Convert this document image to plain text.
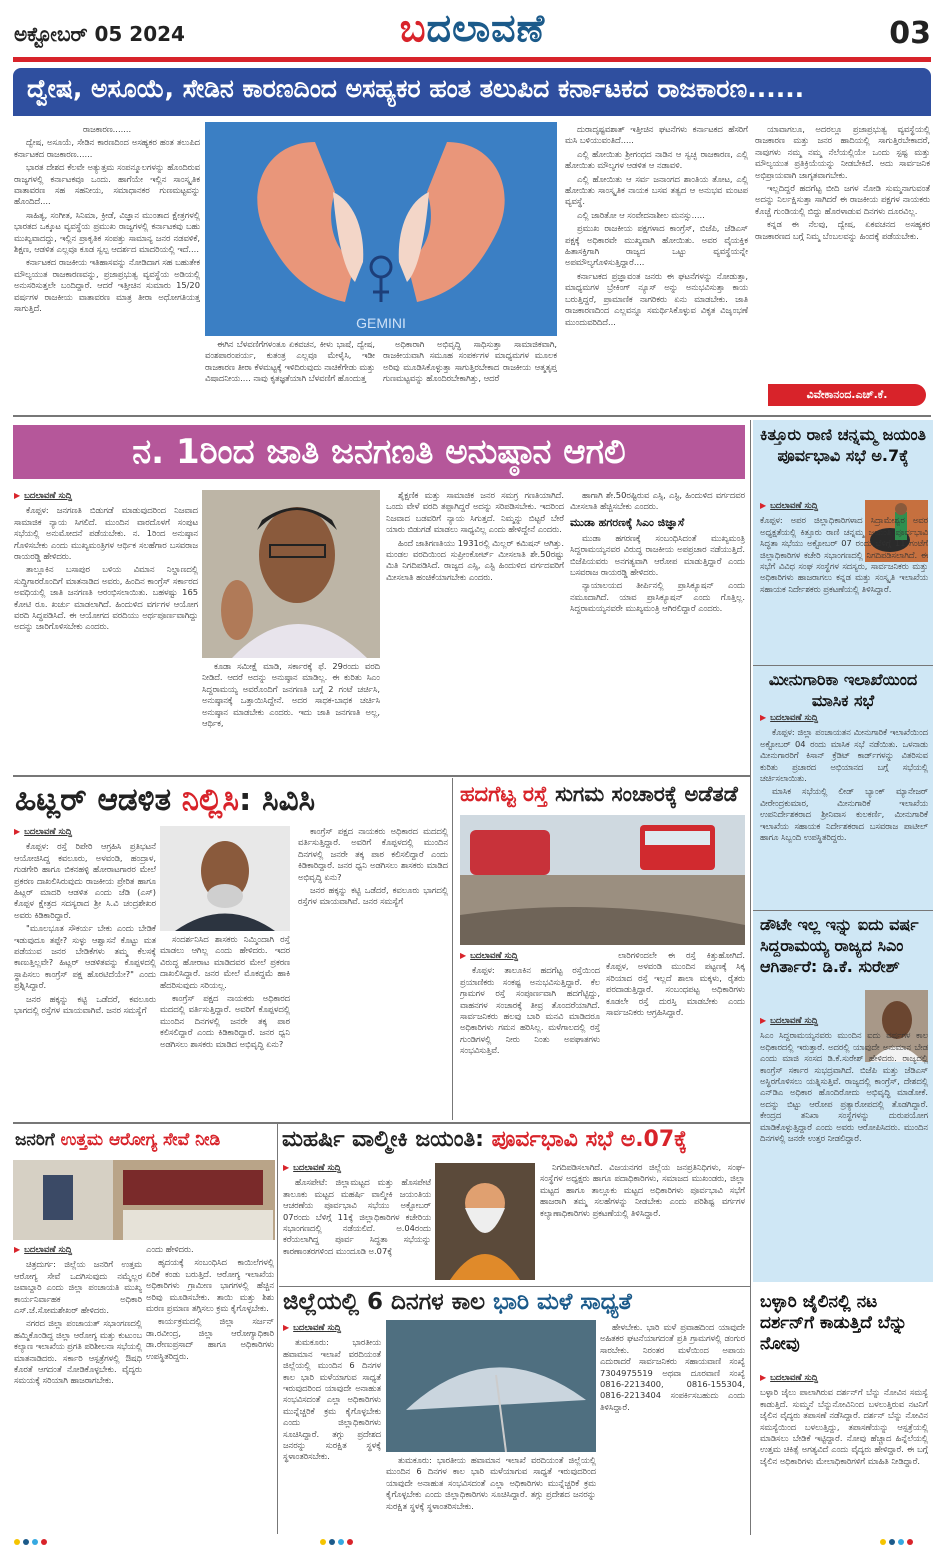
ಅಕ್ಟೋಬರ್ 05 2024	ಬದಲಾವಣೆ	03
ದ್ವೇಷ, ಅಸೂಯೆ, ಸೇಡಿನ ಕಾರಣದಿಂದ ಅಸಹ್ಯಕರ ಹಂತ ತಲುಪಿದ ಕರ್ನಾಟಕದ ರಾಜಕಾರಣ......

ರಾಜಕಾರಣ.......

ದ್ವೇಷ, ಅಸೂಯೆ, ಸೇಡಿನ ಕಾರಣದಿಂದ ಅಸಹ್ಯಕರ ಹಂತ ತಲುಪಿದ ಕರ್ನಾಟಕದ ರಾಜಕಾರಣ......

ಭಾರತ ದೇಶದ ಕೆಲವೇ ಅತ್ಯುತ್ತಮ ಸಂಪನ್ಮೂಲಗಳನ್ನು ಹೊಂದಿರುವ ರಾಜ್ಯಗಳಲ್ಲಿ ಕರ್ನಾಟಕವೂ ಒಂದು. ಹಾಗೆಯೇ ಇಲ್ಲಿನ ಸಾಂಸ್ಕೃತಿಕ ವಾತಾವರಣ ಸಹ ಸಹನೀಯ, ಸಮಾಧಾನಕರ ಗುಣಮಟ್ಟವನ್ನು ಹೊಂದಿದೆ....

ಸಾಹಿತ್ಯ, ಸಂಗೀತ, ಸಿನಿಮಾ, ಕ್ರೀಡೆ, ವಿಜ್ಞಾನ ಮುಂತಾದ ಕ್ಷೇತ್ರಗಳಲ್ಲಿ ಭಾರತದ ಒಕ್ಕೂಟ ವ್ಯವಸ್ಥೆಯ ಪ್ರಮುಖ ರಾಜ್ಯಗಳಲ್ಲಿ ಕರ್ನಾಟಕವು ಬಹು ಮುಖ್ಯವಾದದ್ದು, ಇಲ್ಲಿನ ಪ್ರಾಕೃತಿಕ ಸಂಪತ್ತು ಸಾಮಾನ್ಯ ಜನರ ನಡವಳಿಕೆ, ಶಿಕ್ಷಣ, ಆಡಳಿತ ಎಲ್ಲವೂ ಕೂಡ ಸ್ವಲ್ಪ ಆದರ್ಶದ ಮಾದರಿಯಲ್ಲಿ ಇದೆ....

ಕರ್ನಾಟಕದ ರಾಜಕೀಯ ಇತಿಹಾಸವನ್ನು ನೋಡಿದಾಗ ಸಹ ಬಹುತೇಕ ಮೌಲ್ಯಯುತ ರಾಜಕಾರಣವನ್ನು, ಪ್ರಜಾಪ್ರಭುತ್ವ ವ್ಯವಸ್ಥೆಯ ಅಡಿಯಲ್ಲಿ ಅನುಸರಿಸುತ್ತಲೇ ಬಂದಿದ್ದಾರೆ. ಆದರೆ ಇತ್ತೀಚಿನ ಸುಮಾರು 15/20 ವರ್ಷಗಳ ರಾಜಕೀಯ ವಾತಾವರಣ ಮಾತ್ರ ತೀರಾ ಅಧೋಗತಿಯತ್ತ ಸಾಗುತ್ತಿದೆ.

GEMINI

ಈಗಿನ ಬೆಳವಣಿಗೆಗಳಂತೂ ಏಕವಚನ, ಕೀಳು ಭಾಷೆ, ದ್ವೇಷ, ವಂಶಪಾರಂಪರ್ಯ, ಕುತಂತ್ರ ಎಲ್ಲವೂ ಮೇಳೈಸಿ, ಇಡೀ ರಾಜಕಾರಣ ತೀರಾ ಕೆಳಮಟ್ಟಕ್ಕೆ ಇಳಿದಿರುವುದು ನಾಚಿಕೆಗೇಡು ಮತ್ತು ವಿಷಾದನೀಯ.... ನಾವು ಕೃತಜ್ಞತೆಯಾಗಿ ಬೆಳವಣಿಗೆ ಹೊಂದುತ್ತ

ಅಧಿಕಾರಾಗಿ ಅಭಿವೃದ್ಧಿ ಸಾಧಿಸುತ್ತಾ ಸಾಮಾಜಿಕವಾಗಿ, ರಾಜಕೀಯವಾಗಿ ಸಮೂಹ ಸಂಪರ್ಕಗಳ ಮಾಧ್ಯಮಗಳ ಮೂಲಕ ಅರಿವು ಮೂಡಿಸಿಕೊಳ್ಳುತ್ತಾ ಸಾಗುತ್ತಿರಬೇಕಾದ ರಾಜಕೀಯ ಆತ್ಮತೃಪ್ತ ಗುಣಮಟ್ಟವನ್ನು ಹೊಂದಿರಬೇಕಾಗಿತ್ತು, ಆದರೆ

ದುರಾದೃಷ್ಟವಶಾತ್ ಇತ್ತೀಚಿನ ಘಟನೆಗಳು ಕರ್ನಾಟಕದ ಹೆಸರಿಗೆ ಮಸಿ ಬಳಿಯುವಂತಿದೆ.....

ಎಲ್ಲಿ ಹೋಯಿತು ಶ್ರೀಗಂಧದ ನಾಡಿನ ಆ ಸ್ವಚ್ಛ ರಾಜಕಾರಣ, ಎಲ್ಲಿ ಹೋಯಿತು ಮೌಲ್ಯಗಳ ಆಡಳಿತ ಆ ನಡಾವಳಿ.

ಎಲ್ಲಿ ಹೋಯಿತು ಆ ಸರ್ವ ಜನಾಂಗದ ಶಾಂತಿಯ ತೋಟ, ಎಲ್ಲಿ ಹೋಯಿತು ಸಾಂಸ್ಕೃತಿಕ ನಾಯಕ ಬಸವ ತತ್ವದ ಆ ಅನುಭವ ಮಂಟಪ ವ್ಯವಸ್ಥೆ.

ಎಲ್ಲಿ ಜಾರಿತೋ ಆ ಸಂವೇದನಾಶೀಲ ಮನಸ್ಸು.....

ಪ್ರಮುಖ ರಾಜಕೀಯ ಪಕ್ಷಗಳಾದ ಕಾಂಗ್ರೆಸ್, ಬಿಜೆಪಿ, ಜೆಡಿಎಸ್ ಪಕ್ಷಕ್ಕೆ ಅಧಿಕಾರವೇ ಮುಖ್ಯವಾಗಿ ಹೋಯಿತು. ಅವರ ವೈಯಕ್ತಿಕ ಹಿತಾಸಕ್ತಿಗಾಗಿ ರಾಜ್ಯದ ಒಟ್ಟು ವ್ಯವಸ್ಥೆಯನ್ನೇ ಅಪಮೌಲ್ಯಗೊಳಿಸುತ್ತಿದ್ದಾರೆ....

ಕರ್ನಾಟಕದ ಪ್ರಜ್ಞಾವಂತ ಜನರು ಈ ಘಟನೆಗಳನ್ನು ನೋಡುತ್ತಾ, ಮಾಧ್ಯಮಗಳ ಬ್ರೇಕಿಂಗ್ ನ್ಯೂಸ್ ಅನ್ನು ಅನುಭವಿಸುತ್ತಾ ಕಾಯ ಬರುತ್ತಿದ್ದರೆ, ಪ್ರಾಮಾಣಿಕ ನಾಗರಿಕರು ಏನು ಮಾಡಬೇಕು. ಜಾತಿ ರಾಜಕಾರಣದಿಂದ ಎಲ್ಲವನ್ನೂ ಸಮರ್ಥಿಸಿಕೊಳ್ಳುವ ವಿಕೃತ ವಿಜೃಂಭಣೆ ಮುಂದುವರಿದಿದೆ...

ಯಾವಾಗಲೂ, ಅದರಲ್ಲೂ ಪ್ರಜಾಪ್ರಭುತ್ವ ವ್ಯವಸ್ಥೆಯಲ್ಲಿ ರಾಜಕಾರಣ ಮತ್ತು ಜನರ ಹಾದಿಯಲ್ಲಿ ಸಾಗುತ್ತಿರಬೇಕಾದರೆ, ನಾವುಗಳು ನಮ್ಮ ನಮ್ಮ ನೆಲೆಯಲ್ಲಿಯೇ ಒಂದು ಸ್ಪಷ್ಟ ಮತ್ತು ಮೌಲ್ಯಯುತ ಪ್ರತಿಕ್ರಿಯೆಯನ್ನು ನೀಡಬೇಕಿದೆ. ಅದು ಸಾರ್ವಜನಿಕ ಅಭಿಪ್ರಾಯವಾಗಿ ಜಾಗೃತವಾಗಬೇಕು.

ಇಲ್ಲದಿದ್ದರೆ ಹದಗೆಟ್ಟ ಬೀದಿ ಜಗಳ ನೋಡಿ ಸುಮ್ಮನಾಗುವಂತೆ ಅದನ್ನು ನಿರ್ಲಕ್ಷಿಸುತ್ತಾ ಸಾಗಿದರೆ ಈ ರಾಜಕೀಯ ಪಕ್ಷಗಳ ನಾಯಕರು ಕೊಚ್ಚೆ ಗುಂಡಿಯಲ್ಲಿ ಬಿದ್ದು ಹೊರಳಾಡುವ ದಿನಗಳು ದೂರವಿಲ್ಲ.

ಕನ್ನಡ ಈ ನೆಲವು, ದ್ವೇಷ, ಏಕವಚನದ ಅಸಹ್ಯಕರ ರಾಜಕಾರಣದ ಬಗ್ಗೆ ನಿಮ್ಮ ಬೆಂಬಲವನ್ನು ಹಿಂದಕ್ಕೆ ಪಡೆಯಬೇಕು.

ವಿವೇಕಾನಂದ.ಎಚ್.ಕೆ.
ನ. 1ರಿಂದ ಜಾತಿ ಜನಗಣತಿ ಅನುಷ್ಠಾನ ಆಗಲಿ
▶ ಬದಲಾವಣೆ ಸುದ್ದಿ

ಕೊಪ್ಪಳ: ಜನಗಣತಿ ಬಿಡುಗಡೆ ಮಾಡುವುದರಿಂದ ನಿಜವಾದ ಸಾಮಾಜಿಕ ನ್ಯಾಯ ಸಿಗಲಿದೆ. ಮುಂದಿನ ವಾರದೊಳಗೆ ಸಂಪುಟ ಸಭೆಯಲ್ಲಿ ಅನುಮೋದನೆ ಪಡೆಯಬೇಕು. ನ. 1ರಿಂದ ಅನುಷ್ಠಾನ ಗೊಳಿಸಬೇಕು ಎಂದು ಮುಖ್ಯಮಂತ್ರಿಗಳ ಆರ್ಥಿಕ ಸಲಹೆಗಾರ ಬಸವರಾಜ ರಾಯರಡ್ಡಿ ಹೇಳಿದರು.

ತಾಲ್ಲೂಕಿನ ಬಸಾಪುರ ಬಳಿಯ ವಿಮಾನ ನಿಲ್ದಾಣದಲ್ಲಿ ಸುದ್ದಿಗಾರರೊಂದಿಗೆ ಮಾತನಾಡಿದ ಅವರು, ಹಿಂದಿನ ಕಾಂಗ್ರೆಸ್ ಸರ್ಕಾರದ ಅವಧಿಯಲ್ಲಿ ಜಾತಿ ಜನಗಣತಿ ಆರಂಭಿಸಲಾಯಿತು. ಬಹಳಷ್ಟು 165 ಕೋಟಿ ರೂ. ಖರ್ಚು ಮಾಡಲಾಗಿದೆ. ಹಿಂದುಳಿದ ವರ್ಗಗಳ ಆಯೋಗ ವರದಿ ಸಿದ್ಧಪಡಿಸಿದೆ. ಈ ಆಯೋಗದ ವರದಿಯು ಅರ್ಥಪೂರ್ಣವಾಗಿದ್ದು ಅದನ್ನು ಜಾರಿಗೊಳಿಸಬೇಕು ಎಂದರು.

ಕೂಡಾ ಸಮೀಕ್ಷೆ ಮಾಡಿ, ಸರ್ಕಾರಕ್ಕೆ ಫೆ. 29ರಂದು ವರದಿ ನೀಡಿದೆ. ಆದರೆ ಅದನ್ನು ಅನುಷ್ಠಾನ ಮಾಡಿಲ್ಲ. ಈ ಕುರಿತು ಸಿಎಂ ಸಿದ್ದರಾಮಯ್ಯ ಅವರೊಂದಿಗೆ ಜನಗಣತಿ ಬಗ್ಗೆ 2 ಗಂಟೆ ಚರ್ಚಿಸಿ, ಅನುಷ್ಠಾನಕ್ಕೆ ಒತ್ತಾಯಿಸಿದ್ದೇನೆ. ಅದರ ಸಾಧಕ-ಬಾಧಕ ಚರ್ಚಿಸಿ ಅನುಷ್ಠಾನ ಮಾಡಬೇಕು ಎಂದರು. ಇದು ಜಾತಿ ಜನಗಣತಿ ಅಲ್ಲ, ಆರ್ಥಿಕ,

ಶೈಕ್ಷಣಿಕ ಮತ್ತು ಸಾಮಾಜಿಕ ಜನರ ಸಮಗ್ರ ಗಣತಿಯಾಗಿದೆ. ಒಂದು ವೇಳೆ ವರದಿ ತಪ್ಪಾಗಿದ್ದರೆ ಅದನ್ನು ಸರಿಪಡಿಸಬೇಕು. ಇದರಿಂದ ನಿಜವಾದ ಬಡವರಿಗೆ ನ್ಯಾಯ ಸಿಗುತ್ತದೆ. ನಿಮ್ಮನ್ನು ಬಿಟ್ಟರೆ ಬೇರೆ ಯಾರು ಬಿಡುಗಡೆ ಮಾಡಲು ಸಾಧ್ಯವಿಲ್ಲ ಎಂದು ಹೇಳಿದ್ದೇನೆ ಎಂದರು.

ಹಿಂದೆ ಜಾತಿಗಣತಿಯು 1931ರಲ್ಲಿ ಮಿಲ್ಲರ್ ಕಮಿಷನ್ ಆಗಿತ್ತು. ಮಂಡಲ ವರದಿಯಿಂದ ಸುಪ್ರೀಂಕೋರ್ಟ್ ಮೀಸಲಾತಿ ಶೇ.50ರಷ್ಟು ಮಿತಿ ನಿಗದಿಪಡಿಸಿದೆ. ರಾಜ್ಯದ ಎಸ್ಸಿ, ಎಸ್ಟಿ ಹಿಂದುಳಿದ ವರ್ಗದವರಿಗೆ ಮೀಸಲಾತಿ ಹಂಚಿಕೆಯಾಗಬೇಕು ಎಂದರು.

ಹಾಗಾಗಿ ಶೇ.50ರಷ್ಟಿರುವ ಎಸ್ಸಿ, ಎಸ್ಟಿ, ಹಿಂದುಳಿದ ವರ್ಗದವರ ಮೀಸಲಾತಿ ಹೆಚ್ಚಿಸಬೇಕು ಎಂದರು.

ಮುಡಾ ಹಗರಣಕ್ಕೆ ಸಿಎಂ ಜಿಜ್ಞಾಸೆ

ಮುಡಾ ಹಗರಣಕ್ಕೆ ಸಂಬಂಧಿಸಿದಂತೆ ಮುಖ್ಯಮಂತ್ರಿ ಸಿದ್ದರಾಮಯ್ಯನವರ ವಿರುದ್ಧ ರಾಜಕೀಯ ಅಪಪ್ರಚಾರ ನಡೆಯುತ್ತಿದೆ. ಬಿಜೆಪಿಯವರು ಅನಗತ್ಯವಾಗಿ ಆರೋಪ ಮಾಡುತ್ತಿದ್ದಾರೆ ಎಂದು ಬಸವರಾಜ ರಾಯರಡ್ಡಿ ಹೇಳಿದರು.

ನ್ಯಾಯಾಲಯದ ತೀರ್ಪಿನಲ್ಲಿ ಪ್ರಾಸಿಕ್ಯೂಷನ್ ಎಂದು ನಮೂದಾಗಿದೆ. ಯಾವ ಪ್ರಾಸಿಕ್ಯೂಷನ್ ಎಂದು ಗೊತ್ತಿಲ್ಲ. ಸಿದ್ದರಾಮಯ್ಯನವರೇ ಮುಖ್ಯಮಂತ್ರಿ ಆಗಿರಲಿದ್ದಾರೆ ಎಂದರು.

ಕಿತ್ತೂರು ರಾಣಿ ಚನ್ನಮ್ಮ ಜಯಂತಿ ಪೂರ್ವಭಾವಿ ಸಭೆ ಅ.7ಕ್ಕೆ
▶ ಬದಲಾವಣೆ ಸುದ್ದಿ

ಕೊಪ್ಪಳ: ಅಪರ ಜಿಲ್ಲಾಧಿಕಾರಿಗಳಾದ ಸಿದ್ರಾಮೇಶ್ವರ ಅವರ ಅಧ್ಯಕ್ಷತೆಯಲ್ಲಿ ಕಿತ್ತೂರು ರಾಣಿ ಚನ್ನಮ್ಮ ಜಯಂತಿ ಪೂರ್ವಭಾವಿ ಸಿದ್ಧತಾ ಸಭೆಯು ಅಕ್ಟೋಬರ್ 07 ರಂದು ಬೆಳಿಗ್ಗೆ 11 ಗಂಟೆಗೆ ಜಿಲ್ಲಾಧಿಕಾರಿಗಳ ಕಚೇರಿ ಸಭಾಂಗಣದಲ್ಲಿ ನಿಗದಿಪಡಿಸಲಾಗಿದೆ. ಈ ಸಭೆಗೆ ವಿವಿಧ ಸಂಘ ಸಂಸ್ಥೆಗಳ ಸದಸ್ಯರು, ಸಾರ್ವಜನಿಕರು ಮತ್ತು ಅಧಿಕಾರಿಗಳು ಹಾಜರಾಗಲು ಕನ್ನಡ ಮತ್ತು ಸಂಸ್ಕೃತಿ ಇಲಾಖೆಯ ಸಹಾಯಕ ನಿರ್ದೇಶಕರು ಪ್ರಕಟಣೆಯಲ್ಲಿ ತಿಳಿಸಿದ್ದಾರೆ.

ಮೀನುಗಾರಿಕಾ ಇಲಾಖೆಯಿಂದ ಮಾಸಿಕ ಸಭೆ
▶ ಬದಲಾವಣೆ ಸುದ್ದಿ

ಕೊಪ್ಪಳ: ಜಿಲ್ಲಾ ಪಂಚಾಯತನ ಮೀನುಗಾರಿಕೆ ಇಲಾಖೆಯಿಂದ ಅಕ್ಟೋಬರ್ 04 ರಂದು ಮಾಸಿಕ ಸಭೆ ನಡೆಯಿತು. ಒಳನಾಡು ಮೀನುಗಾರರಿಗೆ ಕಿಸಾನ್ ಕ್ರೆಡಿಟ್ ಕಾರ್ಡ್‌ಗಳನ್ನು ವಿತರಿಸುವ ಕುರಿತು ಪ್ರಚಾರದ ಅಭಿಯಾನದ ಬಗ್ಗೆ ಸಭೆಯಲ್ಲಿ ಚರ್ಚಿಸಲಾಯಿತು.

ಮಾಸಿಕ ಸಭೆಯಲ್ಲಿ ಲೀಡ್ ಬ್ಯಾಂಕ್ ಮ್ಯಾನೇಜರ್ ವೀರೇಂದ್ರಕುಮಾರ, ಮೀನುಗಾರಿಕೆ ಇಲಾಖೆಯ ಉಪನಿರ್ದೇಶಕರಾದ ಶ್ರೀನಿವಾಸ ಕುಲಕರ್ಣಿ, ಮೀನುಗಾರಿಕೆ ಇಲಾಖೆಯ ಸಹಾಯಕ ನಿರ್ದೇಶಕರಾದ ಬಸವರಾಜ ಪಾಟೀಲ್ ಹಾಗೂ ಸಿಬ್ಬಂದಿ ಉಪಸ್ಥಿತರಿದ್ದರು.

ಡೌಟೇ ಇಲ್ಲ ಇನ್ನು ಐದು ವರ್ಷ ಸಿದ್ದರಾಮಯ್ಯ ರಾಜ್ಯದ ಸಿಎಂ ಆಗಿರ್ತಾರೆ: ಡಿ.ಕೆ. ಸುರೇಶ್
▶ ಬದಲಾವಣೆ ಸುದ್ದಿ

ಸಿಎಂ ಸಿದ್ದರಾಮಯ್ಯನವರು ಮುಂದಿನ ಐದು ವರ್ಷಗಳ ಕಾಲ ಅಧಿಕಾರದಲ್ಲಿ ಇರುತ್ತಾರೆ. ಅದರಲ್ಲಿ ಯಾವುದೇ ಅನುಮಾನ ಬೇಡ ಎಂದು ಮಾಜಿ ಸಂಸದ ಡಿ.ಕೆ.ಸುರೇಶ್ ಹೇಳಿದರು. ರಾಜ್ಯದಲ್ಲಿ ಕಾಂಗ್ರೆಸ್ ಸರ್ಕಾರ ಸುಭದ್ರವಾಗಿದೆ. ಬಿಜೆಪಿ ಮತ್ತು ಜೆಡಿಎಸ್ ಅಸ್ಥಿರಗೊಳಿಸಲು ಯತ್ನಿಸುತ್ತಿವೆ. ರಾಜ್ಯದಲ್ಲಿ ಕಾಂಗ್ರೆಸ್, ದೇಶದಲ್ಲಿ ಎನ್‌ಡಿಎ ಅಧಿಕಾರ ಹೊಂದಿರೋದು ಅಭಿವೃದ್ಧಿ ಮಾಡೋಕೆ. ಅದನ್ನು ಬಿಟ್ಟು ಆರೋಪ ಪ್ರತ್ಯಾರೋಪದಲ್ಲಿ ತೊಡಗಿದ್ದಾರೆ. ಕೇಂದ್ರದ ತನಿಖಾ ಸಂಸ್ಥೆಗಳನ್ನು ದುರುಪಯೋಗ ಮಾಡಿಕೊಳ್ಳುತ್ತಿದ್ದಾರೆ ಎಂದು ಅವರು ಆರೋಪಿಸಿದರು. ಮುಂದಿನ ದಿನಗಳಲ್ಲಿ ಜನರೇ ಉತ್ತರ ನೀಡಲಿದ್ದಾರೆ.

ಹಿಟ್ಲರ್ ಆಡಳಿತ ನಿಲ್ಲಿಸಿ: ಸಿವಿಸಿ
▶ ಬದಲಾವಣೆ ಸುದ್ದಿ

ಕೊಪ್ಪಳ: ರಸ್ತೆ ರಿಪೇರಿ ಆಗ್ರಹಿಸಿ ಪ್ರತಿಭಟನೆ ಆಯೋಜಿಸಿದ್ದ ಕವಲೂರು, ಅಳವಂಡಿ, ಹಂದ್ರಾಳ, ಗುಡಗೇರಿ ಹಾಗೂ ಬಿಕನಹಳ್ಳಿ ಹೋರಾಟಗಾರರ ಮೇಲೆ ಪ್ರಕರಣ ದಾಖಲಿಸಿರುವುದು ರಾಜಕೀಯ ಪ್ರೇರಿತ ಹಾಗೂ ಹಿಟ್ಲರ್ ಮಾದರಿ ಆಡಳಿತ ಎಂದು ಜೆಡಿ (ಎಸ್) ಕೊಪ್ಪಳ ಕ್ಷೇತ್ರದ ಸದಸ್ಯರಾದ ಶ್ರೀ ಸಿ.ವಿ ಚಂದ್ರಶೇಖರ ಅವರು ಕಿಡಿಕಾರಿದ್ದಾರೆ.

"ಮೂಲಭೂತ ಸೌಕರ್ಯ ಬೇಕು ಎಂದು ಬೇಡಿಕೆ ಇಡುವುದೂ ತಪ್ಪೇ? ಸುಳ್ಳು ಆಶ್ವಾಸನೆ ಕೊಟ್ಟು ಮತ ಪಡೆಯುವ ಜನರ ಬೇಡಿಕೆಗಳು ತಮ್ಮ ಕೆಲಸಕ್ಕೆ ಕಾಣುತ್ತಿಲ್ಲವೇ? ಹಿಟ್ಲರ್ ಆಡಳಿತವನ್ನು ಕೊಪ್ಪಳದಲ್ಲಿ ಸ್ಥಾಪಿಸಲು ಕಾಂಗ್ರೆಸ್ ಪಕ್ಷ ಹೊರಟಿದೆಯೇ?" ಎಂದು ಪ್ರಶ್ನಿಸಿದ್ದಾರೆ.

ಜನರ ಹಕ್ಕನ್ನು ಕಟ್ಟಿ ಒಡೆದರೆ, ಕವಲೂರು ಭಾಗದಲ್ಲಿ ರಸ್ತೆಗಳ ಮಾಯವಾಗಿವೆ. ಜನರ ಸಮಸ್ಯೆಗೆ

ಸಂದರ್ಶನಿಸಿದ ಶಾಸಕರು ನಿಮ್ಮಿಂದಾಗಿ ರಸ್ತೆ ಮಾಡಲು ಆಗಿಲ್ಲ ಎಂದು ಹೇಳಿದರು. ಇದರ ವಿರುದ್ಧ ಹೋರಾಟ ಮಾಡಿದವರ ಮೇಲೆ ಪ್ರಕರಣ ದಾಖಲಿಸಿದ್ದಾರೆ. ಜನರ ಮೇಲೆ ಮೊಕದ್ದಮೆ ಹಾಕಿ ಹೆದರಿಸುವುದು ಸರಿಯಲ್ಲ.

ಕಾಂಗ್ರೆಸ್ ಪಕ್ಷದ ನಾಯಕರು ಅಧಿಕಾರದ ಮದದಲ್ಲಿ ವರ್ತಿಸುತ್ತಿದ್ದಾರೆ. ಅವರಿಗೆ ಕೊಪ್ಪಳದಲ್ಲಿ ಮುಂದಿನ ದಿನಗಳಲ್ಲಿ ಜನರೇ ತಕ್ಕ ಪಾಠ ಕಲಿಸಲಿದ್ದಾರೆ ಎಂದು ಕಿಡಿಕಾರಿದ್ದಾರೆ. ಜನರ ಧ್ವನಿ ಅಡಗಿಸಲು ಶಾಸಕರು ಮಾಡಿದ ಅಭಿವೃದ್ಧಿ ಏನು?

ಕಾಂಗ್ರೆಸ್ ಪಕ್ಷದ ನಾಯಕರು ಅಧಿಕಾರದ ಮದದಲ್ಲಿ ವರ್ತಿಸುತ್ತಿದ್ದಾರೆ. ಅವರಿಗೆ ಕೊಪ್ಪಳದಲ್ಲಿ ಮುಂದಿನ ದಿನಗಳಲ್ಲಿ ಜನರೇ ತಕ್ಕ ಪಾಠ ಕಲಿಸಲಿದ್ದಾರೆ ಎಂದು ಕಿಡಿಕಾರಿದ್ದಾರೆ. ಜನರ ಧ್ವನಿ ಅಡಗಿಸಲು ಶಾಸಕರು ಮಾಡಿದ ಅಭಿವೃದ್ಧಿ ಏನು?

ಜನರ ಹಕ್ಕನ್ನು ಕಟ್ಟಿ ಒಡೆದರೆ, ಕವಲೂರು ಭಾಗದಲ್ಲಿ ರಸ್ತೆಗಳ ಮಾಯವಾಗಿವೆ. ಜನರ ಸಮಸ್ಯೆಗೆ

ಹದಗೆಟ್ಟ ರಸ್ತೆ ಸುಗಮ ಸಂಚಾರಕ್ಕೆ ಅಡೆತಡೆ
▶ ಬದಲಾವಣೆ ಸುದ್ದಿ

ಕೊಪ್ಪಳ: ತಾಲೂಕಿನ ಹದಗೆಟ್ಟ ರಸ್ತೆಯಿಂದ ಪ್ರಯಾಣಿಕರು ಸಂಕಷ್ಟ ಅನುಭವಿಸುತ್ತಿದ್ದಾರೆ. ಕೆಲ ಗ್ರಾಮಗಳ ರಸ್ತೆ ಸಂಪೂರ್ಣವಾಗಿ ಹದಗೆಟ್ಟಿದ್ದು, ವಾಹನಗಳ ಸಂಚಾರಕ್ಕೆ ತೀವ್ರ ತೊಂದರೆಯಾಗಿದೆ. ಸಾರ್ವಜನಿಕರು ಹಲವು ಬಾರಿ ಮನವಿ ಮಾಡಿದರೂ ಅಧಿಕಾರಿಗಳು ಗಮನ ಹರಿಸಿಲ್ಲ. ಮಳೆಗಾಲದಲ್ಲಿ ರಸ್ತೆ ಗುಂಡಿಗಳಲ್ಲಿ ನೀರು ನಿಂತು ಅಪಘಾತಗಳು ಸಂಭವಿಸುತ್ತಿವೆ.

ಲಾರಿಗಳಿಂದಲೇ ಈ ರಸ್ತೆ ಕಿತ್ತುಹೋಗಿದೆ. ಕೊಪ್ಪಳ, ಅಳವಂಡಿ ಮುಂದಿನ ಪಟ್ಟಣಕ್ಕೆ ಸಿಕ್ಕ ಸರಿಯಾದ ರಸ್ತೆ ಇಲ್ಲದೆ ಶಾಲಾ ಮಕ್ಕಳು, ರೈತರು ಪರದಾಡುತ್ತಿದ್ದಾರೆ. ಸಂಬಂಧಪಟ್ಟ ಅಧಿಕಾರಿಗಳು ಕೂಡಲೇ ರಸ್ತೆ ದುರಸ್ತಿ ಮಾಡಬೇಕು ಎಂದು ಸಾರ್ವಜನಿಕರು ಆಗ್ರಹಿಸಿದ್ದಾರೆ.

ಜನರಿಗೆ ಉತ್ತಮ ಆರೋಗ್ಯ ಸೇವೆ ನೀಡಿ
▶ ಬದಲಾವಣೆ ಸುದ್ದಿ

ಚಿತ್ರದುರ್ಗ: ಜಿಲ್ಲೆಯ ಜನರಿಗೆ ಉತ್ತಮ ಆರೋಗ್ಯ ಸೇವೆ ಒದಗಿಸುವುದು ನಮ್ಮೆಲ್ಲರ ಜವಾಬ್ದಾರಿ ಎಂದು ಜಿಲ್ಲಾ ಪಂಚಾಯತಿ ಮುಖ್ಯ ಕಾರ್ಯನಿರ್ವಾಹಕ ಅಧಿಕಾರಿ ಎಸ್.ಜೆ.ಸೋಮಶೇಖರ್ ಹೇಳಿದರು.

ನಗರದ ಜಿಲ್ಲಾ ಪಂಚಾಯತ್ ಸಭಾಂಗಣದಲ್ಲಿ ಹಮ್ಮಿಕೊಂಡಿದ್ದ ಜಿಲ್ಲಾ ಆರೋಗ್ಯ ಮತ್ತು ಕುಟುಂಬ ಕಲ್ಯಾಣ ಇಲಾಖೆಯ ಪ್ರಗತಿ ಪರಿಶೀಲನಾ ಸಭೆಯಲ್ಲಿ ಮಾತನಾಡಿದರು. ಸರ್ಕಾರಿ ಆಸ್ಪತ್ರೆಗಳಲ್ಲಿ ಔಷಧಿ ಕೊರತೆ ಆಗದಂತೆ ನೋಡಿಕೊಳ್ಳಬೇಕು. ವೈದ್ಯರು ಸಮಯಕ್ಕೆ ಸರಿಯಾಗಿ ಹಾಜರಾಗಬೇಕು.

ಎಂದು ಹೇಳಿದರು.

ಹೃದಯಕ್ಕೆ ಸಂಬಂಧಿಸಿದ ಕಾಯಿಲೆಗಳಲ್ಲಿ ಏರಿಕೆ ಕಂಡು ಬರುತ್ತಿದೆ. ಆರೋಗ್ಯ ಇಲಾಖೆಯ ಅಧಿಕಾರಿಗಳು ಗ್ರಾಮೀಣ ಭಾಗಗಳಲ್ಲಿ ಹೆಚ್ಚಿನ ಅರಿವು ಮೂಡಿಸಬೇಕು. ತಾಯಿ ಮತ್ತು ಶಿಶು ಮರಣ ಪ್ರಮಾಣ ತಗ್ಗಿಸಲು ಕ್ರಮ ಕೈಗೊಳ್ಳಬೇಕು.

ಕಾರ್ಯಕ್ರಮದಲ್ಲಿ ಜಿಲ್ಲಾ ಸರ್ಜನ್ ಡಾ.ರವೀಂದ್ರ, ಜಿಲ್ಲಾ ಆರೋಗ್ಯಾಧಿಕಾರಿ ಡಾ.ರೇಣುಪ್ರಸಾದ್ ಹಾಗೂ ಅಧಿಕಾರಿಗಳು ಉಪಸ್ಥಿತರಿದ್ದರು.

ಮಹರ್ಷಿ ವಾಲ್ಮೀಕಿ ಜಯಂತಿ: ಪೂರ್ವಭಾವಿ ಸಭೆ ಅ.07ಕ್ಕೆ
▶ ಬದಲಾವಣೆ ಸುದ್ದಿ

ಹೊಸಪೇಟೆ: ಜಿಲ್ಲಾಮಟ್ಟದ ಮತ್ತು ಹೊಸಪೇಟೆ ತಾಲೂಕು ಮಟ್ಟದ ಮಹರ್ಷಿ ವಾಲ್ಮೀಕಿ ಜಯಂತಿಯ ಆಚರಣೆಯ ಪೂರ್ವಭಾವಿ ಸಭೆಯು ಅಕ್ಟೋಬರ್ 07ರಂದು ಬೆಳಿಗ್ಗೆ 11ಕ್ಕೆ ಜಿಲ್ಲಾಧಿಕಾರಿಗಳ ಕಚೇರಿಯ ಸಭಾಂಗಣದಲ್ಲಿ ನಡೆಯಲಿದೆ. ಅ.04ರಂದು ಕರೆಯಲಾಗಿದ್ದ ಪೂರ್ವ ಸಿದ್ಧತಾ ಸಭೆಯನ್ನು ಕಾರಣಾಂತರಗಳಿಂದ ಮುಂದೂಡಿ ಅ.07ಕ್ಕೆ

ನಿಗದಿಪಡಿಸಲಾಗಿದೆ. ವಿಜಯನಗರ ಜಿಲ್ಲೆಯ ಜನಪ್ರತಿನಿಧಿಗಳು, ಸಂಘ-ಸಂಸ್ಥೆಗಳ ಅಧ್ಯಕ್ಷರು ಹಾಗೂ ಪದಾಧಿಕಾರಿಗಳು, ಸಮಾಜದ ಮುಖಂಡರು, ಜಿಲ್ಲಾ ಮಟ್ಟದ ಹಾಗೂ ತಾಲ್ಲೂಕು ಮಟ್ಟದ ಅಧಿಕಾರಿಗಳು ಪೂರ್ವಭಾವಿ ಸಭೆಗೆ ಹಾಜರಾಗಿ ತಮ್ಮ ಸಲಹೆಗಳನ್ನು ನೀಡಬೇಕು ಎಂದು ಪರಿಶಿಷ್ಟ ವರ್ಗಗಳ ಕಲ್ಯಾಣಾಧಿಕಾರಿಗಳು ಪ್ರಕಟಣೆಯಲ್ಲಿ ತಿಳಿಸಿದ್ದಾರೆ.

ಜಿಲ್ಲೆಯಲ್ಲಿ 6 ದಿನಗಳ ಕಾಲ ಭಾರಿ ಮಳೆ ಸಾಧ್ಯತೆ
▶ ಬದಲಾವಣೆ ಸುದ್ದಿ

ತುಮಕೂರು: ಭಾರತೀಯ ಹವಾಮಾನ ಇಲಾಖೆ ವರದಿಯಂತೆ ಜಿಲ್ಲೆಯಲ್ಲಿ ಮುಂದಿನ 6 ದಿನಗಳ ಕಾಲ ಭಾರಿ ಮಳೆಯಾಗುವ ಸಾಧ್ಯತೆ ಇರುವುದರಿಂದ ಯಾವುದೇ ಅನಾಹುತ ಸಂಭವಿಸದಂತೆ ಎಲ್ಲಾ ಅಧಿಕಾರಿಗಳು ಮುನ್ನೆಚ್ಚರಿಕೆ ಕ್ರಮ ಕೈಗೊಳ್ಳಬೇಕು ಎಂದು ಜಿಲ್ಲಾಧಿಕಾರಿಗಳು ಸೂಚಿಸಿದ್ದಾರೆ. ತಗ್ಗು ಪ್ರದೇಶದ ಜನರನ್ನು ಸುರಕ್ಷಿತ ಸ್ಥಳಕ್ಕೆ ಸ್ಥಳಾಂತರಿಸಬೇಕು.	ತುಮಕೂರು: ಭಾರತೀಯ ಹವಾಮಾನ ಇಲಾಖೆ ವರದಿಯಂತೆ ಜಿಲ್ಲೆಯಲ್ಲಿ ಮುಂದಿನ 6 ದಿನಗಳ ಕಾಲ ಭಾರಿ ಮಳೆಯಾಗುವ ಸಾಧ್ಯತೆ ಇರುವುದರಿಂದ ಯಾವುದೇ ಅನಾಹುತ ಸಂಭವಿಸದಂತೆ ಎಲ್ಲಾ ಅಧಿಕಾರಿಗಳು ಮುನ್ನೆಚ್ಚರಿಕೆ ಕ್ರಮ ಕೈಗೊಳ್ಳಬೇಕು ಎಂದು ಜಿಲ್ಲಾಧಿಕಾರಿಗಳು ಸೂಚಿಸಿದ್ದಾರೆ. ತಗ್ಗು ಪ್ರದೇಶದ ಜನರನ್ನು ಸುರಕ್ಷಿತ ಸ್ಥಳಕ್ಕೆ ಸ್ಥಳಾಂತರಿಸಬೇಕು.

ಹೇಳಬೇಕು. ಭಾರಿ ಮಳೆ ಪ್ರವಾಹದಿಂದ ಯಾವುದೇ ಅಹಿತಕರ ಘಟನೆಯಾಗದಂತೆ ಪ್ರತಿ ಗ್ರಾಮಗಳಲ್ಲಿ ಡಂಗುರ ಸಾರಬೇಕು. ನಿರಂತರ ಮಳೆಯಿಂದ ಅಪಾಯ ಎದುರಾದರೆ ಸಾರ್ವಜನಿಕರು ಸಹಾಯವಾಣಿ ಸಂಖ್ಯೆ 7304975519 ಅಥವಾ ದೂರವಾಣಿ ಸಂಖ್ಯೆ 0816-2213400, 0816-155304, 0816-2213404 ಸಂಪರ್ಕಿಸಬಹುದು ಎಂದು ತಿಳಿಸಿದ್ದಾರೆ.

ಬಳ್ಳಾರಿ ಜೈಲಿನಲ್ಲಿ ನಟ ದರ್ಶನ್‌ಗೆ ಕಾಡುತ್ತಿದೆ ಬೆನ್ನು ನೋವು
▶ ಬದಲಾವಣೆ ಸುದ್ದಿ

ಬಳ್ಳಾರಿ ಜೈಲು ಪಾಲಾಗಿರುವ ದರ್ಶನ್‌ಗೆ ಬೆನ್ನು ನೋವಿನ ಸಮಸ್ಯೆ ಕಾಡುತ್ತಿದೆ. ಸುಮ್ಮನೆ ಬೆನ್ನುನೋವಿನಿಂದ ಬಳಲುತ್ತಿರುವ ನಟನಿಗೆ ಜೈಲಿನ ವೈದ್ಯರು ತಪಾಸಣೆ ನಡೆಸಿದ್ದಾರೆ. ದರ್ಶನ್ ಬೆನ್ನು ನೋವಿನ ಸಮಸ್ಯೆಯಿಂದ ಬಳಲುತ್ತಿದ್ದು, ತಪಾಸಣೆಯನ್ನು ಆಸ್ಪತ್ರೆಯಲ್ಲಿ ಮಾಡಿಸಲು ಬೇಡಿಕೆ ಇಟ್ಟಿದ್ದಾರೆ. ನೋವು ಹೆಚ್ಚಾದ ಹಿನ್ನೆಲೆಯಲ್ಲಿ ಉತ್ತಮ ಚಿಕಿತ್ಸೆ ಅಗತ್ಯವಿದೆ ಎಂದು ವೈದ್ಯರು ಹೇಳಿದ್ದಾರೆ. ಈ ಬಗ್ಗೆ ಜೈಲಿನ ಅಧಿಕಾರಿಗಳು ಮೇಲಾಧಿಕಾರಿಗಳಿಗೆ ಮಾಹಿತಿ ನೀಡಿದ್ದಾರೆ.
